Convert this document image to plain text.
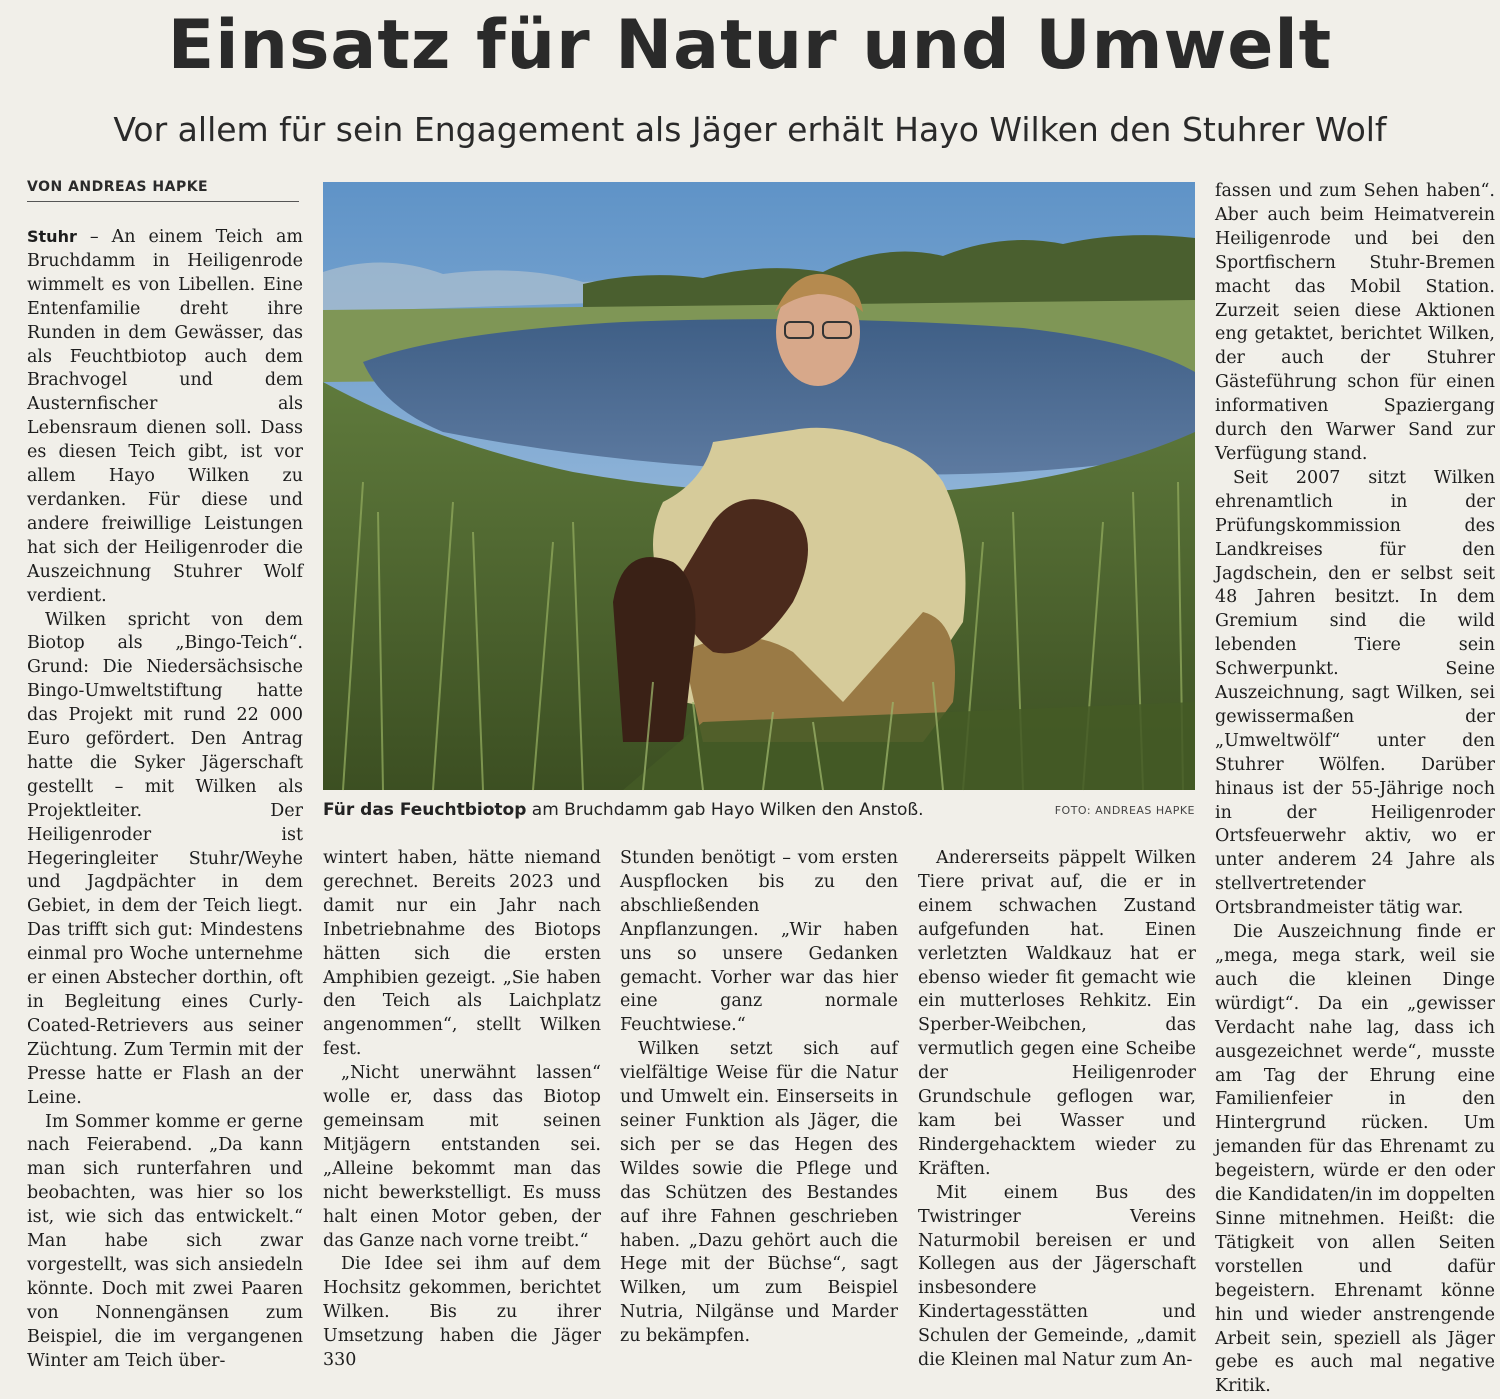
Einsatz für Natur und Umwelt
Vor allem für sein Engagement als Jäger erhält Hayo Wilken den Stuhrer Wolf
VON ANDREAS HAPKE

Stuhr – An einem Teich am Bruchdamm in Heiligenrode wimmelt es von Libellen. Eine Entenfamilie dreht ihre Runden in dem Gewässer, das als Feuchtbiotop auch dem Brachvogel und dem Austernfischer als Lebensraum dienen soll. Dass es diesen Teich gibt, ist vor allem Hayo Wilken zu verdanken. Für diese und andere freiwillige Leistungen hat sich der Heiligenroder die Auszeichnung Stuhrer Wolf verdient.

Wilken spricht von dem Biotop als „Bingo-Teich“. Grund: Die Niedersächsische Bingo-Umweltstiftung hatte das Projekt mit rund 22 000 Euro gefördert. Den Antrag hatte die Syker Jägerschaft gestellt – mit Wilken als Projektleiter. Der Heiligenroder ist Hegeringleiter Stuhr/Weyhe und Jagdpächter in dem Gebiet, in dem der Teich liegt. Das trifft sich gut: Mindestens einmal pro Woche unternehme er einen Abstecher dorthin, oft in Begleitung eines Curly-Coated-Retrievers aus seiner Züchtung. Zum Termin mit der Presse hatte er Flash an der Leine.

Im Sommer komme er gerne nach Feierabend. „Da kann man sich runterfahren und beobachten, was hier so los ist, wie sich das entwickelt.“ Man habe sich zwar vorgestellt, was sich ansiedeln könnte. Doch mit zwei Paaren von Nonnengänsen zum Beispiel, die im vergangenen Winter am Teich über-

Für das Feuchtbiotop am Bruchdamm gab Hayo Wilken den Anstoß.	FOTO: ANDREAS HAPKE

wintert haben, hätte niemand gerechnet. Bereits 2023 und damit nur ein Jahr nach Inbetriebnahme des Biotops hätten sich die ersten Amphibien gezeigt. „Sie haben den Teich als Laichplatz angenommen“, stellt Wilken fest.

„Nicht unerwähnt lassen“ wolle er, dass das Biotop gemeinsam mit seinen Mitjägern entstanden sei. „Alleine bekommt man das nicht bewerkstelligt. Es muss halt einen Motor geben, der das Ganze nach vorne treibt.“

Die Idee sei ihm auf dem Hochsitz gekommen, berichtet Wilken. Bis zu ihrer Umsetzung haben die Jäger 330

Stunden benötigt – vom ersten Auspflocken bis zu den abschließenden Anpflanzungen. „Wir haben uns so unsere Gedanken gemacht. Vorher war das hier eine ganz normale Feuchtwiese.“

Wilken setzt sich auf vielfältige Weise für die Natur und Umwelt ein. Einserseits in seiner Funktion als Jäger, die sich per se das Hegen des Wildes sowie die Pflege und das Schützen des Bestandes auf ihre Fahnen geschrieben haben. „Dazu gehört auch die Hege mit der Büchse“, sagt Wilken, um zum Beispiel Nutria, Nilgänse und Marder zu bekämpfen.

Andererseits päppelt Wilken Tiere privat auf, die er in einem schwachen Zustand aufgefunden hat. Einen verletzten Waldkauz hat er ebenso wieder fit gemacht wie ein mutterloses Rehkitz. Ein Sperber-Weibchen, das vermutlich gegen eine Scheibe der Heiligenroder Grundschule geflogen war, kam bei Wasser und Rindergehacktem wieder zu Kräften.

Mit einem Bus des Twistringer Vereins Naturmobil bereisen er und Kollegen aus der Jägerschaft insbesondere Kindertagesstätten und Schulen der Gemeinde, „damit die Kleinen mal Natur zum An-

fassen und zum Sehen haben“. Aber auch beim Heimatverein Heiligenrode und bei den Sportfischern Stuhr-Bremen macht das Mobil Station. Zurzeit seien diese Aktionen eng getaktet, berichtet Wilken, der auch der Stuhrer Gästeführung schon für einen informativen Spaziergang durch den Warwer Sand zur Verfügung stand.

Seit 2007 sitzt Wilken ehrenamtlich in der Prüfungskommission des Landkreises für den Jagdschein, den er selbst seit 48 Jahren besitzt. In dem Gremium sind die wild lebenden Tiere sein Schwerpunkt. Seine Auszeichnung, sagt Wilken, sei gewissermaßen der „Umweltwölf“ unter den Stuhrer Wölfen. Darüber hinaus ist der 55-Jährige noch in der Heiligenroder Ortsfeuerwehr aktiv, wo er unter anderem 24 Jahre als stellvertretender Ortsbrandmeister tätig war.

Die Auszeichnung finde er „mega, mega stark, weil sie auch die kleinen Dinge würdigt“. Da ein „gewisser Verdacht nahe lag, dass ich ausgezeichnet werde“, musste am Tag der Ehrung eine Familienfeier in den Hintergrund rücken. Um jemanden für das Ehrenamt zu begeistern, würde er den oder die Kandidaten/in im doppelten Sinne mitnehmen. Heißt: die Tätigkeit von allen Seiten vorstellen und dafür begeistern. Ehrenamt könne hin und wieder anstrengende Arbeit sein, speziell als Jäger gebe es auch mal negative Kritik.
